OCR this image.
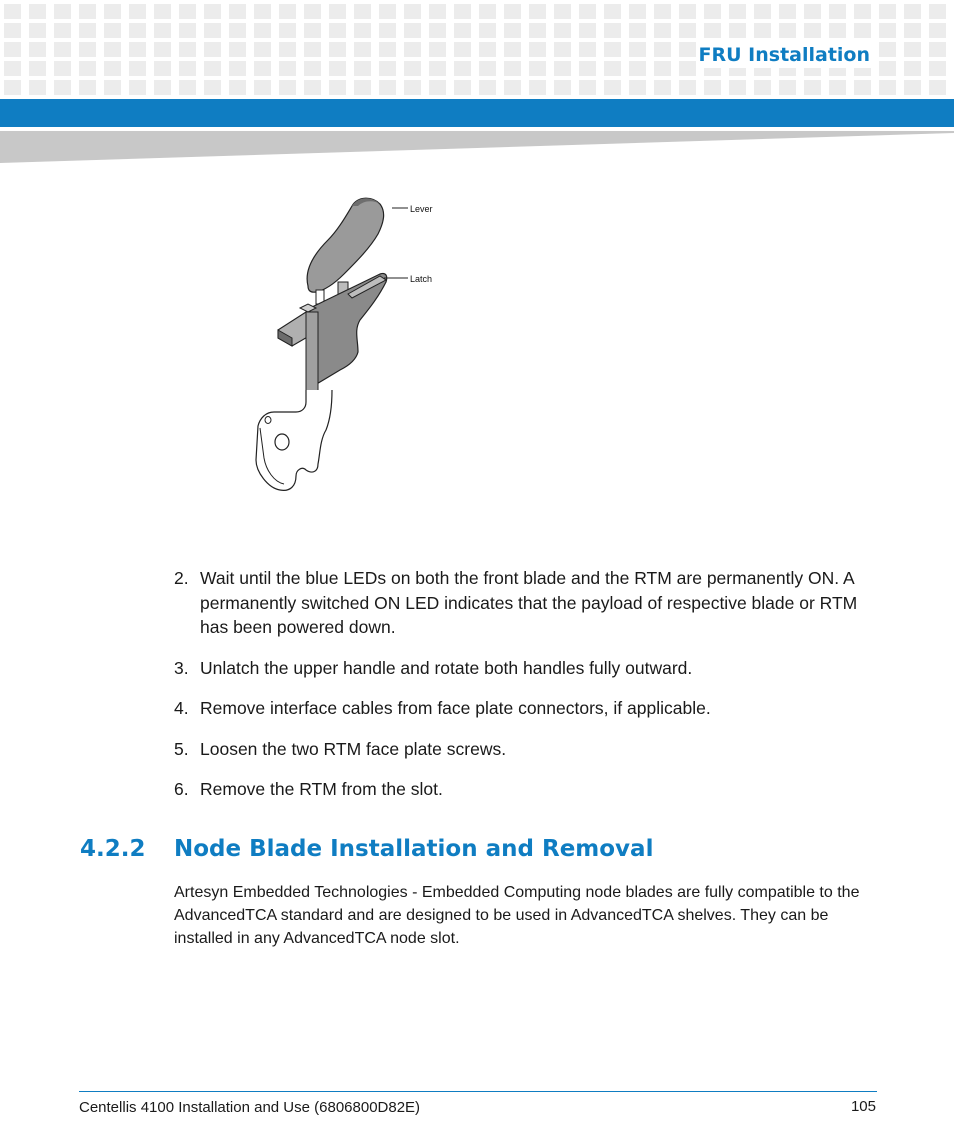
FRU Installation
Lever
Latch
2. Wait until the blue LEDs on both the front blade and the RTM are permanently ON. A permanently switched ON LED indicates that the payload of respective blade or RTM has been powered down.
3. Unlatch the upper handle and rotate both handles fully outward.
4. Remove interface cables from face plate connectors, if applicable.
5. Loosen the two RTM face plate screws.
6. Remove the RTM from the slot.
4.2.2	Node Blade Installation and Removal
Artesyn Embedded Technologies - Embedded Computing node blades are fully compatible to the AdvancedTCA standard and are designed to be used in AdvancedTCA shelves. They can be installed in any AdvancedTCA node slot.
Centellis 4100 Installation and Use (6806800D82E)	105
